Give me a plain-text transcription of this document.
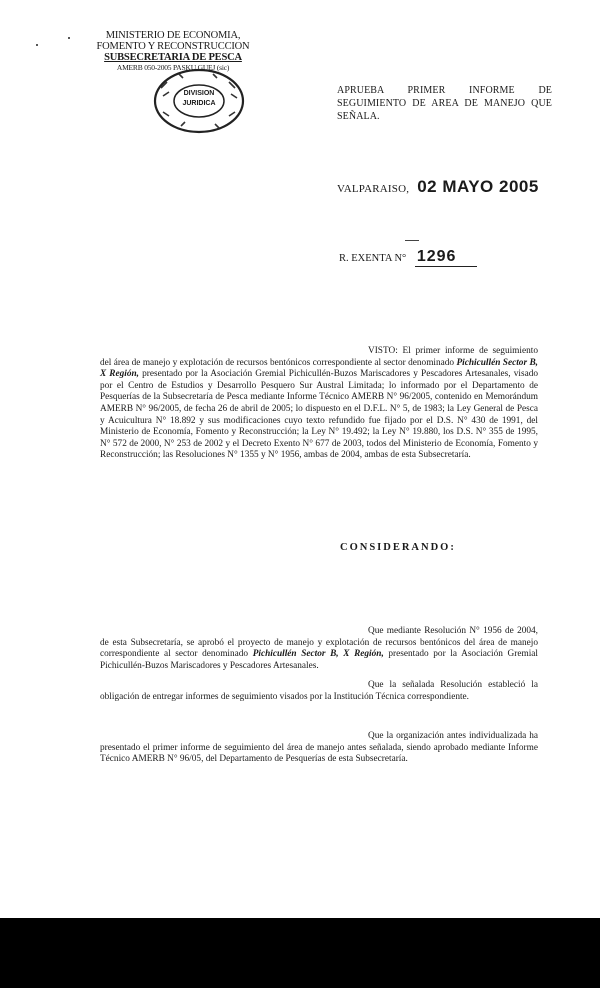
MINISTERIO DE ECONOMIA,
FOMENTO Y RECONSTRUCCION
SUBSECRETARIA DE PESCA
AMERB 050-2005 PASKU GUEJ (sic)
DIVISION JURIDICA
APRUEBA PRIMER INFORME DE SEGUIMIENTO DE AREA DE MANEJO QUE SEÑALA.
VALPARAISO, 02 MAYO 2005
R. EXENTA N° 1296
VISTO: El primer informe de seguimiento del área de manejo y explotación de recursos bentónicos correspondiente al sector denominado Pichicullén Sector B, X Región, presentado por la Asociación Gremial Pichicullén-Buzos Mariscadores y Pescadores Artesanales, visado por el Centro de Estudios y Desarrollo Pesquero Sur Austral Limitada; lo informado por el Departamento de Pesquerías de la Subsecretaría de Pesca mediante Informe Técnico AMERB N° 96/2005, contenido en Memorándum AMERB N° 96/2005, de fecha 26 de abril de 2005; lo dispuesto en el D.F.L. N° 5, de 1983; la Ley General de Pesca y Acuicultura N° 18.892 y sus modificaciones cuyo texto refundido fue fijado por el D.S. N° 430 de 1991, del Ministerio de Economía, Fomento y Reconstrucción; la Ley N° 19.492; la Ley N° 19.880, los D.S. N° 355 de 1995, N° 572 de 2000, N° 253 de 2002 y el Decreto Exento N° 677 de 2003, todos del Ministerio de Economía, Fomento y Reconstrucción; las Resoluciones N° 1355 y N° 1956, ambas de 2004, ambas de esta Subsecretaría.
CONSIDERANDO:
Que mediante Resolución N° 1956 de 2004, de esta Subsecretaría, se aprobó el proyecto de manejo y explotación de recursos bentónicos del área de manejo correspondiente al sector denominado Pichicullén Sector B, X Región, presentado por la Asociación Gremial Pichicullén-Buzos Mariscadores y Pescadores Artesanales.
Que la señalada Resolución estableció la obligación de entregar informes de seguimiento visados por la Institución Técnica correspondiente.
Que la organización antes individualizada ha presentado el primer informe de seguimiento del área de manejo antes señalada, siendo aprobado mediante Informe Técnico AMERB N° 96/05, del Departamento de Pesquerías de esta Subsecretaría.
